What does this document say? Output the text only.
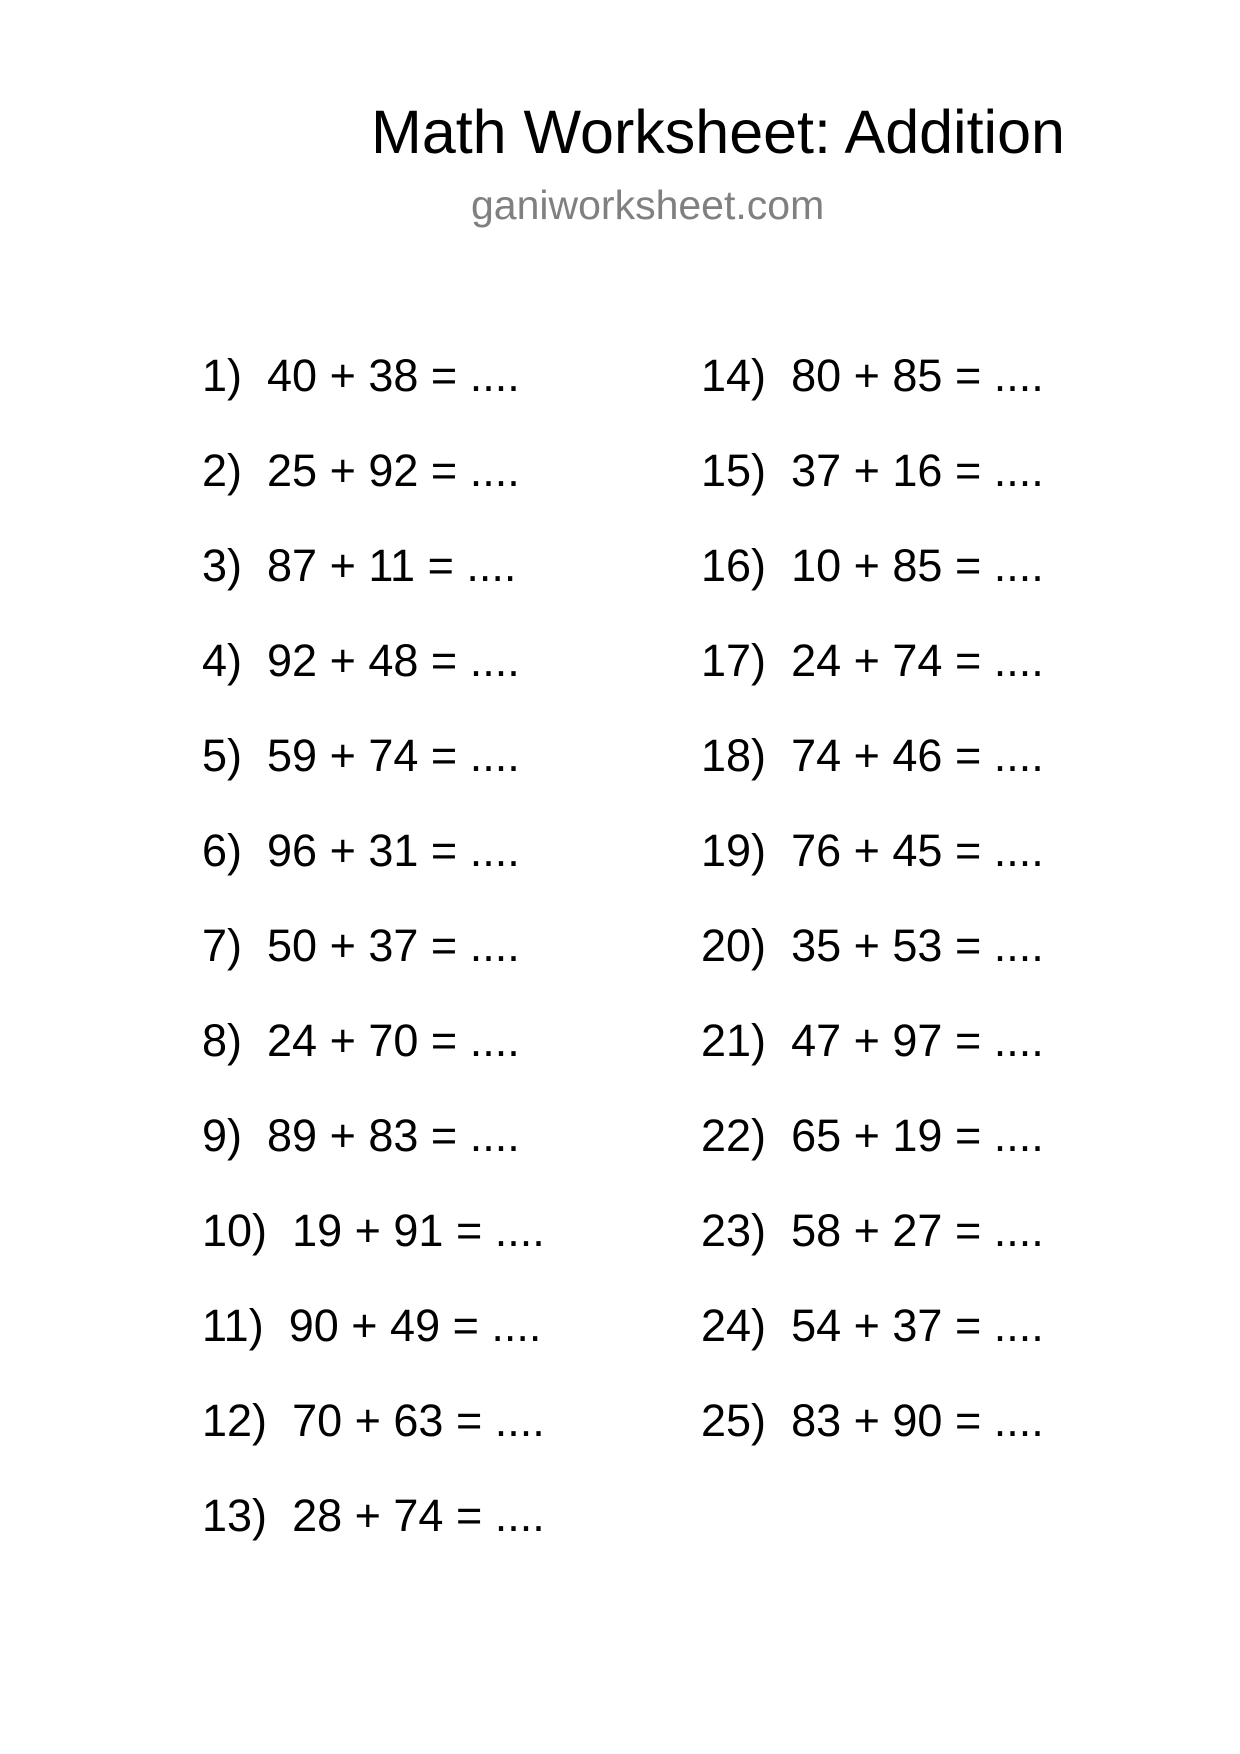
Math Worksheet: Addition
ganiworksheet.com
1) 40 + 38 = ....
2) 25 + 92 = ....
3) 87 + 11 = ....
4) 92 + 48 = ....
5) 59 + 74 = ....
6) 96 + 31 = ....
7) 50 + 37 = ....
8) 24 + 70 = ....
9) 89 + 83 = ....
10) 19 + 91 = ....
11) 90 + 49 = ....
12) 70 + 63 = ....
13) 28 + 74 = ....
14) 80 + 85 = ....
15) 37 + 16 = ....
16) 10 + 85 = ....
17) 24 + 74 = ....
18) 74 + 46 = ....
19) 76 + 45 = ....
20) 35 + 53 = ....
21) 47 + 97 = ....
22) 65 + 19 = ....
23) 58 + 27 = ....
24) 54 + 37 = ....
25) 83 + 90 = ....
